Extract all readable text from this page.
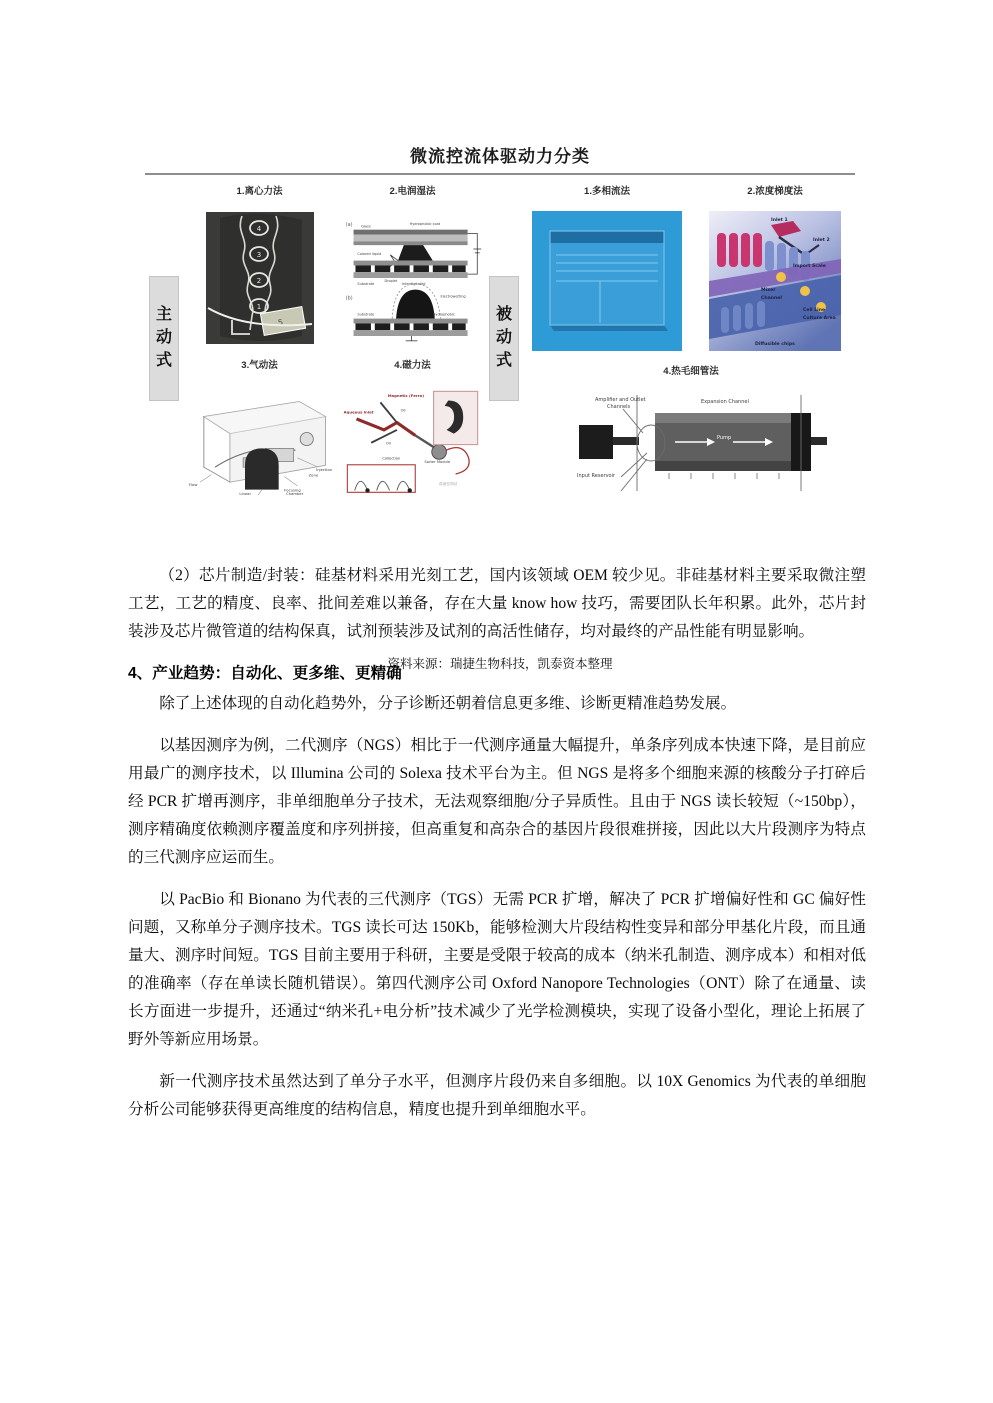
微流控流体驱动力分类
主
动
式
1.离心力法
4
3
2
1
5
2.电润湿法
(a) Glass
Hydrophobic coat
Colored liquid
Substrate	Interdigitated
(b)
Droplet
Electrowetting
Substrate	Hydrophobic
3.气动法
Flow
Injection
Zone
Linear
Focusing
Chamber
4.磁力法
Aqueous inlet
Magnetic (Ferro)
Oil
Oil
Collection
Sorter Module
微流控网站
被
动
式
1.多相流法	2.浓度梯度法
Inlet 1
Inlet 2
Import Scale
Mixer
Channel
Cell Line
Culture Area
Diffusible chips
4.热毛细管法
Amplifier and Outlet
Channels
Expansion Channel
Input Reservoir
Pump
资料来源：瑞捷生物科技，凯泰资本整理

（2）芯片制造/封装：硅基材料采用光刻工艺，国内该领域 OEM 较少见。非硅基材料主要采取微注塑工艺，工艺的精度、良率、批间差难以兼备，存在大量 know how 技巧，需要团队长年积累。此外，芯片封装涉及芯片微管道的结构保真，试剂预装涉及试剂的高活性储存，均对最终的产品性能有明显影响。

4、产业趋势：自动化、更多维、更精确

除了上述体现的自动化趋势外，分子诊断还朝着信息更多维、诊断更精准趋势发展。

以基因测序为例，二代测序（NGS）相比于一代测序通量大幅提升，单条序列成本快速下降，是目前应用最广的测序技术，以 Illumina 公司的 Solexa 技术平台为主。但 NGS 是将多个细胞来源的核酸分子打碎后经 PCR 扩增再测序，非单细胞单分子技术，无法观察细胞/分子异质性。且由于 NGS 读长较短（~150bp），测序精确度依赖测序覆盖度和序列拼接，但高重复和高杂合的基因片段很难拼接，因此以大片段测序为特点的三代测序应运而生。

以 PacBio 和 Bionano 为代表的三代测序（TGS）无需 PCR 扩增，解决了 PCR 扩增偏好性和 GC 偏好性问题，又称单分子测序技术。TGS 读长可达 150Kb，能够检测大片段结构性变异和部分甲基化片段，而且通量大、测序时间短。TGS 目前主要用于科研，主要是受限于较高的成本（纳米孔制造、测序成本）和相对低的准确率（存在单读长随机错误）。第四代测序公司 Oxford Nanopore Technologies（ONT）除了在通量、读长方面进一步提升，还通过“纳米孔+电分析”技术减少了光学检测模块，实现了设备小型化，理论上拓展了野外等新应用场景。

新一代测序技术虽然达到了单分子水平，但测序片段仍来自多细胞。以 10X Genomics 为代表的单细胞分析公司能够获得更高维度的结构信息，精度也提升到单细胞水平。
